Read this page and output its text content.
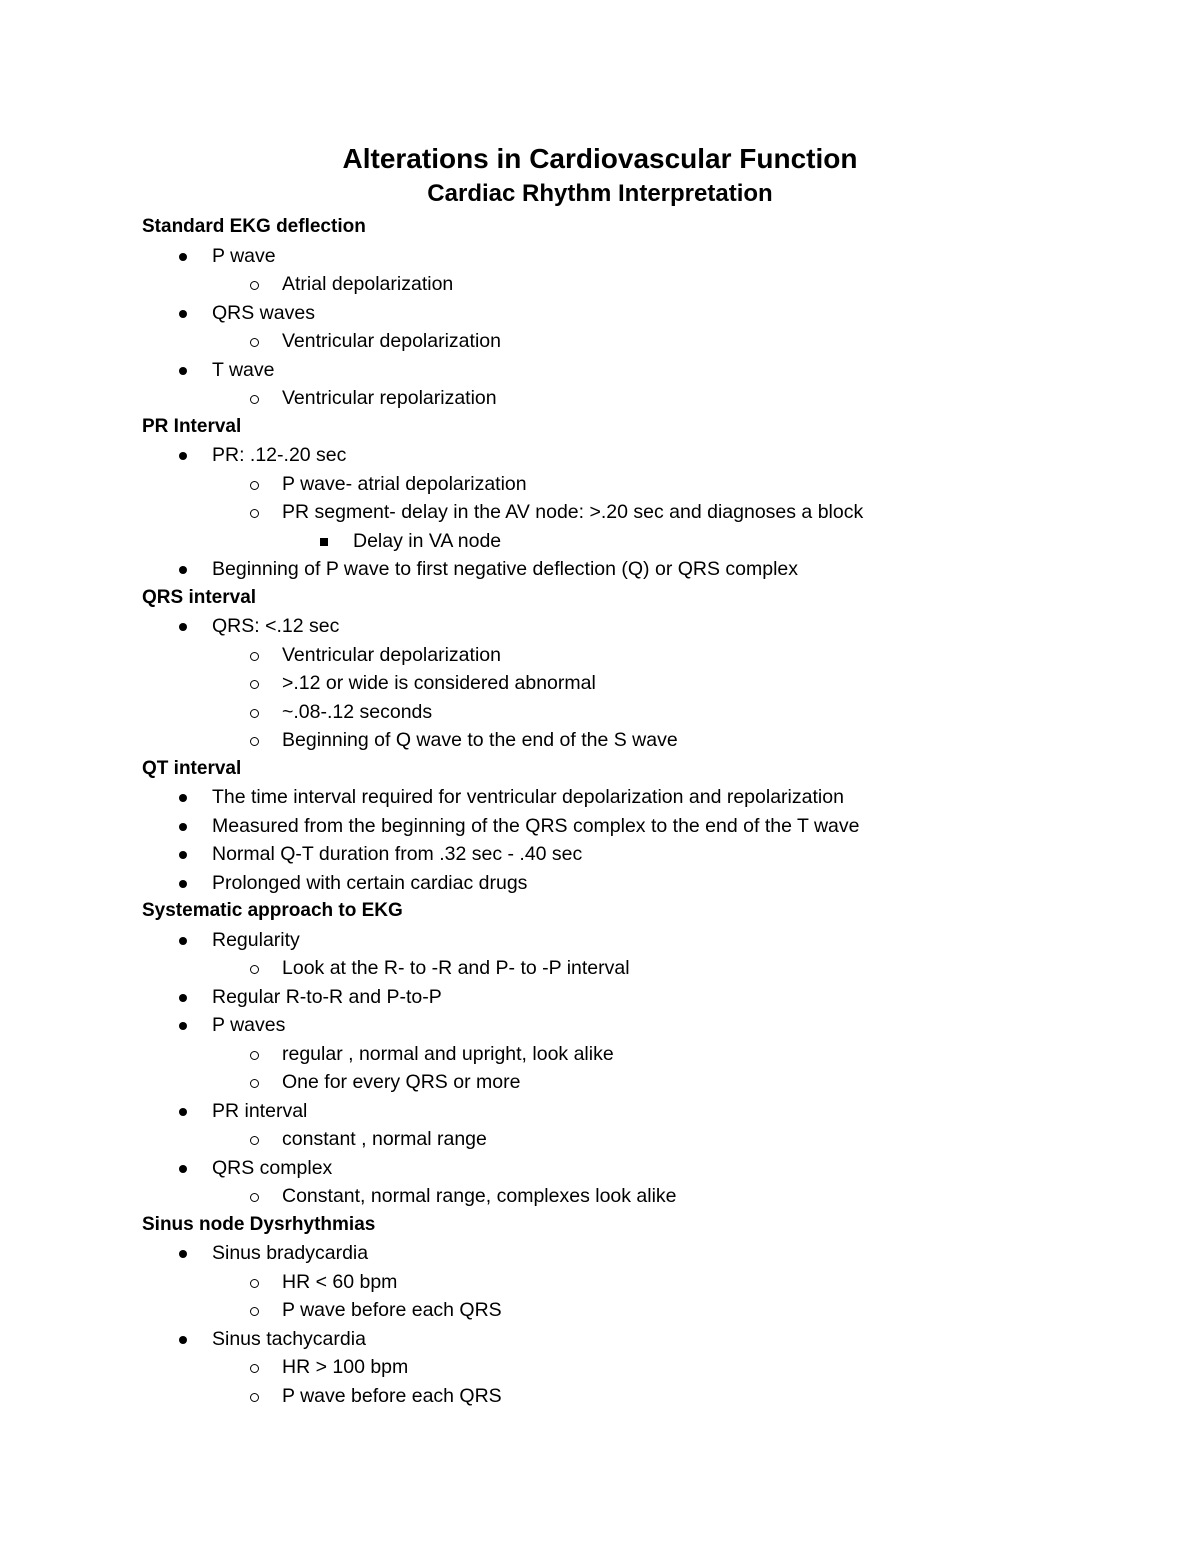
Alterations in Cardiovascular Function
Cardiac Rhythm Interpretation
Standard EKG deflection
P wave
Atrial depolarization
QRS waves
Ventricular depolarization
T wave
Ventricular repolarization
PR Interval
PR: .12-.20 sec
P wave- atrial depolarization
PR segment- delay in the AV node: >.20 sec and diagnoses a block
Delay in VA node
Beginning of P wave to first negative deflection (Q) or QRS complex
QRS interval
QRS: <.12 sec
Ventricular depolarization
>.12 or wide is considered abnormal
~.08-.12 seconds
Beginning of Q wave to the end of the S wave
QT interval
The time interval required for ventricular depolarization and repolarization
Measured from the beginning of the QRS complex to the end of the T wave
Normal Q-T duration from .32 sec - .40 sec
Prolonged with certain cardiac drugs
Systematic approach to EKG
Regularity
Look at the R- to -R and P- to -P interval
Regular R-to-R and P-to-P
P waves
regular , normal and upright, look alike
One for every QRS or more
PR interval
constant , normal range
QRS complex
Constant, normal range, complexes look alike
Sinus node Dysrhythmias
Sinus bradycardia
HR < 60 bpm
P wave before each QRS
Sinus tachycardia
HR > 100 bpm
P wave before each QRS
